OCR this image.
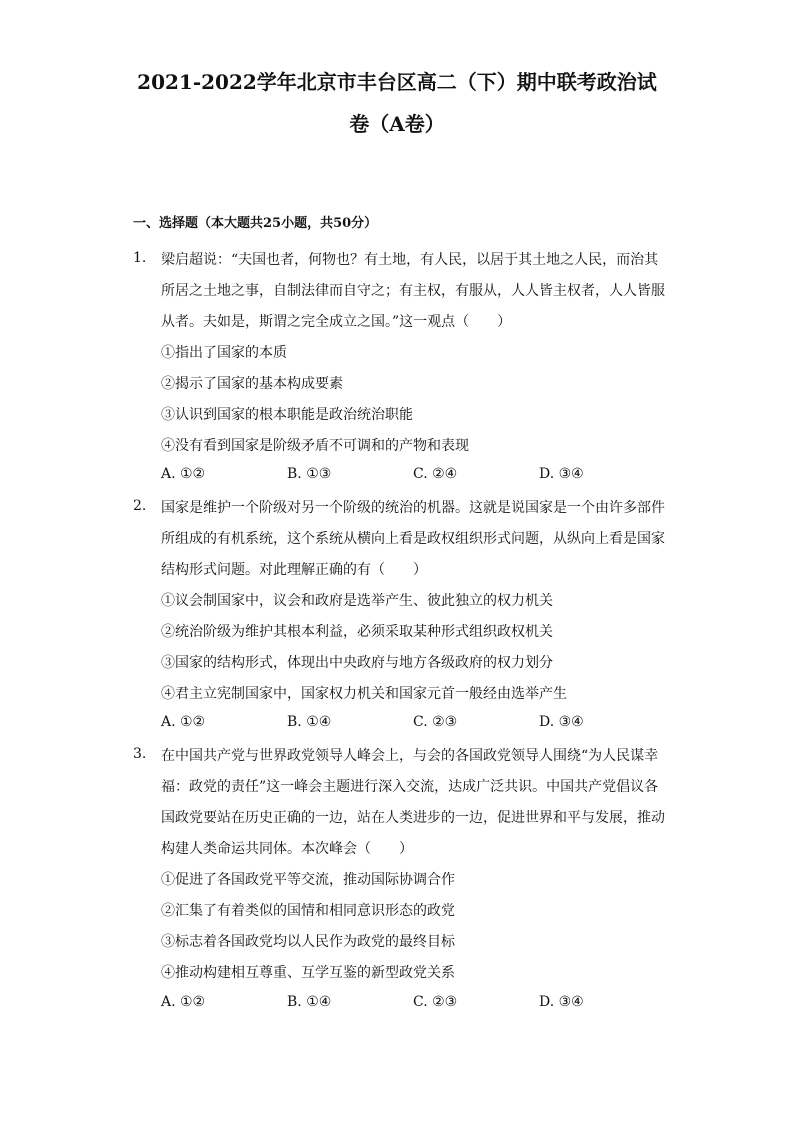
2021-2022学年北京市丰台区高二（下）期中联考政治试
卷（A卷）
一、选择题（本大题共25小题，共50分）
1. 梁启超说：“夫国也者，何物也？有土地，有人民，以居于其土地之人民，而治其
所居之土地之事，自制法律而自守之；有主权，有服从，人人皆主权者，人人皆服
从者。夫如是，斯谓之完全成立之国。”这一观点（　　）
①指出了国家的本质
②揭示了国家的基本构成要素
③认识到国家的根本职能是政治统治职能
④没有看到国家是阶级矛盾不可调和的产物和表现
A. ①②	B. ①③	C. ②④	D. ③④
2. 国家是维护一个阶级对另一个阶级的统治的机器。这就是说国家是一个由许多部件
所组成的有机系统，这个系统从横向上看是政权组织形式问题，从纵向上看是国家
结构形式问题。对此理解正确的有（　　）
①议会制国家中，议会和政府是选举产生、彼此独立的权力机关
②统治阶级为维护其根本利益，必须采取某种形式组织政权机关
③国家的结构形式，体现出中央政府与地方各级政府的权力划分
④君主立宪制国家中，国家权力机关和国家元首一般经由选举产生
A. ①②	B. ①④	C. ②③	D. ③④
3. 在中国共产党与世界政党领导人峰会上，与会的各国政党领导人围绕“为人民谋幸
福：政党的责任”这一峰会主题进行深入交流，达成广泛共识。中国共产党倡议各
国政党要站在历史正确的一边，站在人类进步的一边，促进世界和平与发展，推动
构建人类命运共同体。本次峰会（　　）
①促进了各国政党平等交流，推动国际协调合作
②汇集了有着类似的国情和相同意识形态的政党
③标志着各国政党均以人民作为政党的最终目标
④推动构建相互尊重、互学互鉴的新型政党关系
A. ①②	B. ①④	C. ②③	D. ③④
